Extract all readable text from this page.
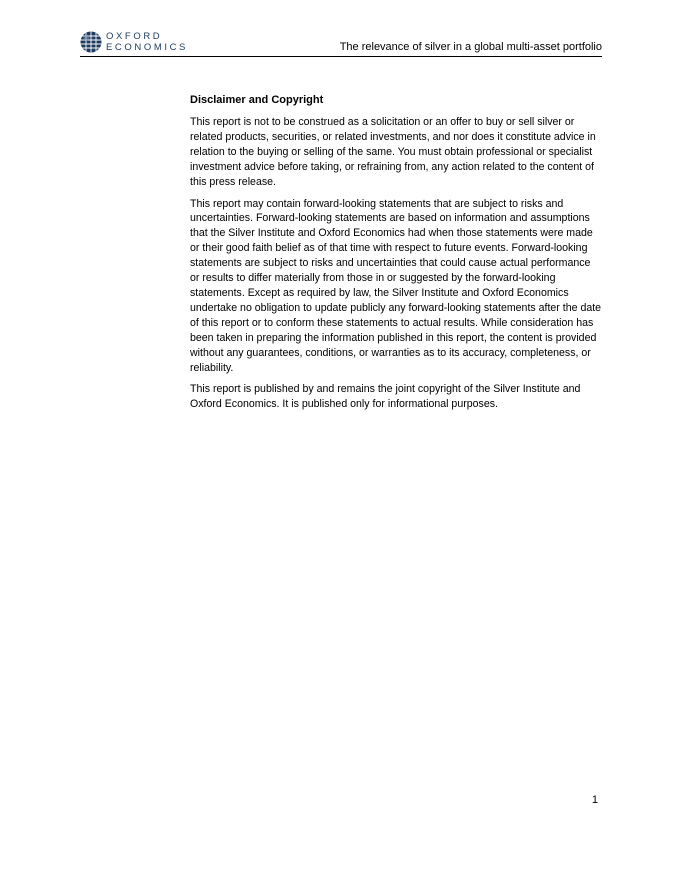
OXFORD
ECONOMICS	The relevance of silver in a global multi-asset portfolio
Disclaimer and Copyright

This report is not to be construed as a solicitation or an offer to buy or sell silver or related products, securities, or related investments, and nor does it constitute advice in relation to the buying or selling of the same. You must obtain professional or specialist investment advice before taking, or refraining from, any action related to the content of this press release.

This report may contain forward-looking statements that are subject to risks and uncertainties. Forward-looking statements are based on information and assumptions that the Silver Institute and Oxford Economics had when those statements were made or their good faith belief as of that time with respect to future events. Forward-looking statements are subject to risks and uncertainties that could cause actual performance or results to differ materially from those in or suggested by the forward-looking statements. Except as required by law, the Silver Institute and Oxford Economics undertake no obligation to update publicly any forward-looking statements after the date of this report or to conform these statements to actual results. While consideration has been taken in preparing the information published in this report, the content is provided without any guarantees, conditions, or warranties as to its accuracy, completeness, or reliability.

This report is published by and remains the joint copyright of the Silver Institute and Oxford Economics. It is published only for informational purposes.

1
